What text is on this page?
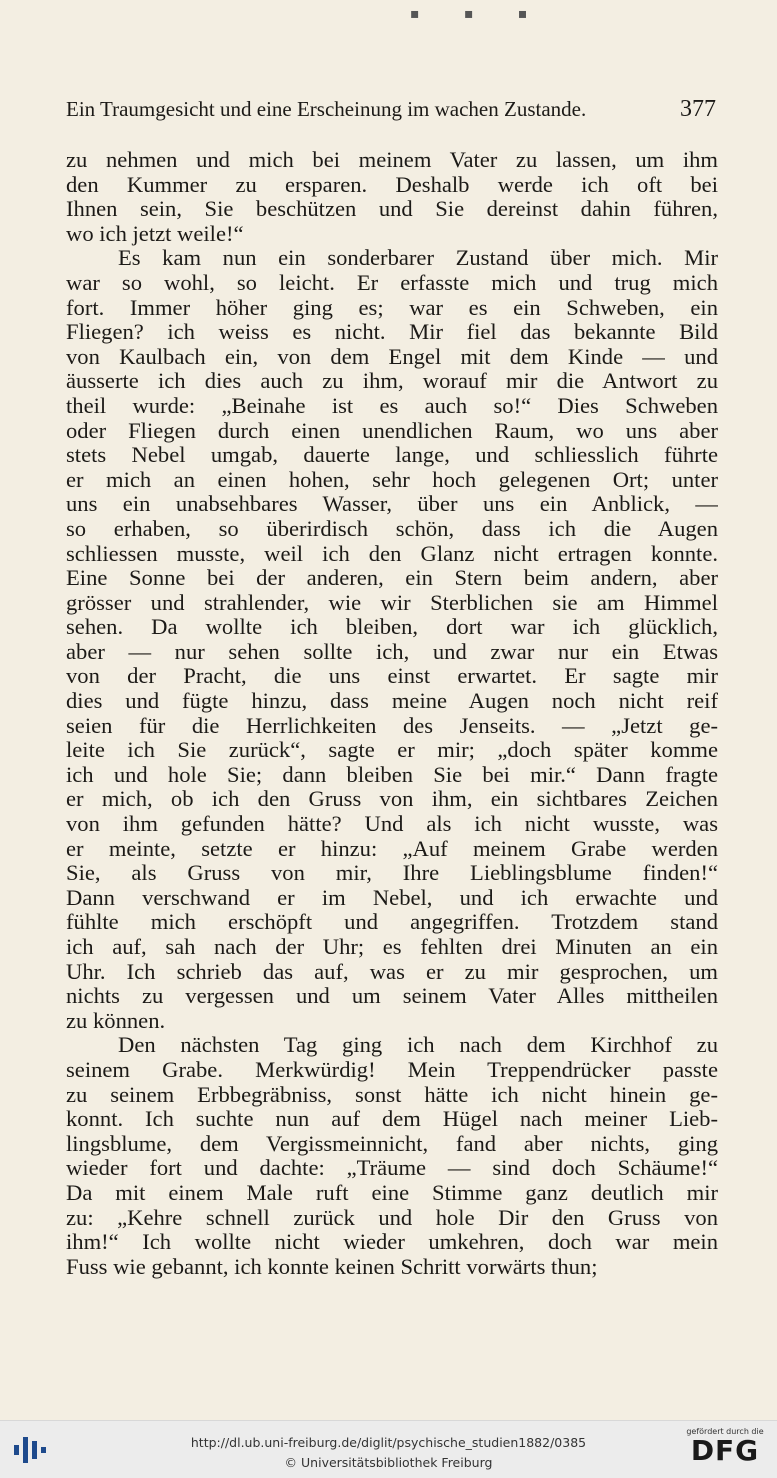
▪ ▪ ▪
Ein Traumgesicht und eine Erscheinung im wachen Zustande.	377
zu nehmen und mich bei meinem Vater zu lassen, um ihm
den Kummer zu ersparen. Deshalb werde ich oft bei
Ihnen sein, Sie beschützen und Sie dereinst dahin führen,
wo ich jetzt weile!“
Es kam nun ein sonderbarer Zustand über mich. Mir
war so wohl, so leicht. Er erfasste mich und trug mich
fort. Immer höher ging es; war es ein Schweben, ein
Fliegen? ich weiss es nicht. Mir fiel das bekannte Bild
von Kaulbach ein, von dem Engel mit dem Kinde — und
äusserte ich dies auch zu ihm, worauf mir die Antwort zu
theil wurde: „Beinahe ist es auch so!“ Dies Schweben
oder Fliegen durch einen unendlichen Raum, wo uns aber
stets Nebel umgab, dauerte lange, und schliesslich führte
er mich an einen hohen, sehr hoch gelegenen Ort; unter
uns ein unabsehbares Wasser, über uns ein Anblick, —
so erhaben, so überirdisch schön, dass ich die Augen
schliessen musste, weil ich den Glanz nicht ertragen konnte.
Eine Sonne bei der anderen, ein Stern beim andern, aber
grösser und strahlender, wie wir Sterblichen sie am Himmel
sehen. Da wollte ich bleiben, dort war ich glücklich,
aber — nur sehen sollte ich, und zwar nur ein Etwas
von der Pracht, die uns einst erwartet. Er sagte mir
dies und fügte hinzu, dass meine Augen noch nicht reif
seien für die Herrlichkeiten des Jenseits. — „Jetzt ge-
leite ich Sie zurück“, sagte er mir; „doch später komme
ich und hole Sie; dann bleiben Sie bei mir.“ Dann fragte
er mich, ob ich den Gruss von ihm, ein sichtbares Zeichen
von ihm gefunden hätte? Und als ich nicht wusste, was
er meinte, setzte er hinzu: „Auf meinem Grabe werden
Sie, als Gruss von mir, Ihre Lieblingsblume finden!“
Dann verschwand er im Nebel, und ich erwachte und
fühlte mich erschöpft und angegriffen. Trotzdem stand
ich auf, sah nach der Uhr; es fehlten drei Minuten an ein
Uhr. Ich schrieb das auf, was er zu mir gesprochen, um
nichts zu vergessen und um seinem Vater Alles mittheilen
zu können.
Den nächsten Tag ging ich nach dem Kirchhof zu
seinem Grabe. Merkwürdig! Mein Treppendrücker passte
zu seinem Erbbegräbniss, sonst hätte ich nicht hinein ge-
konnt. Ich suchte nun auf dem Hügel nach meiner Lieb-
lingsblume, dem Vergissmeinnicht, fand aber nichts, ging
wieder fort und dachte: „Träume — sind doch Schäume!“
Da mit einem Male ruft eine Stimme ganz deutlich mir
zu: „Kehre schnell zurück und hole Dir den Gruss von
ihm!“ Ich wollte nicht wieder umkehren, doch war mein
Fuss wie gebannt, ich konnte keinen Schritt vorwärts thun;
http://dl.ub.uni-freiburg.de/diglit/psychische_studien1882/0385
© Universitätsbibliothek Freiburg
gefördert durch die
DFG
